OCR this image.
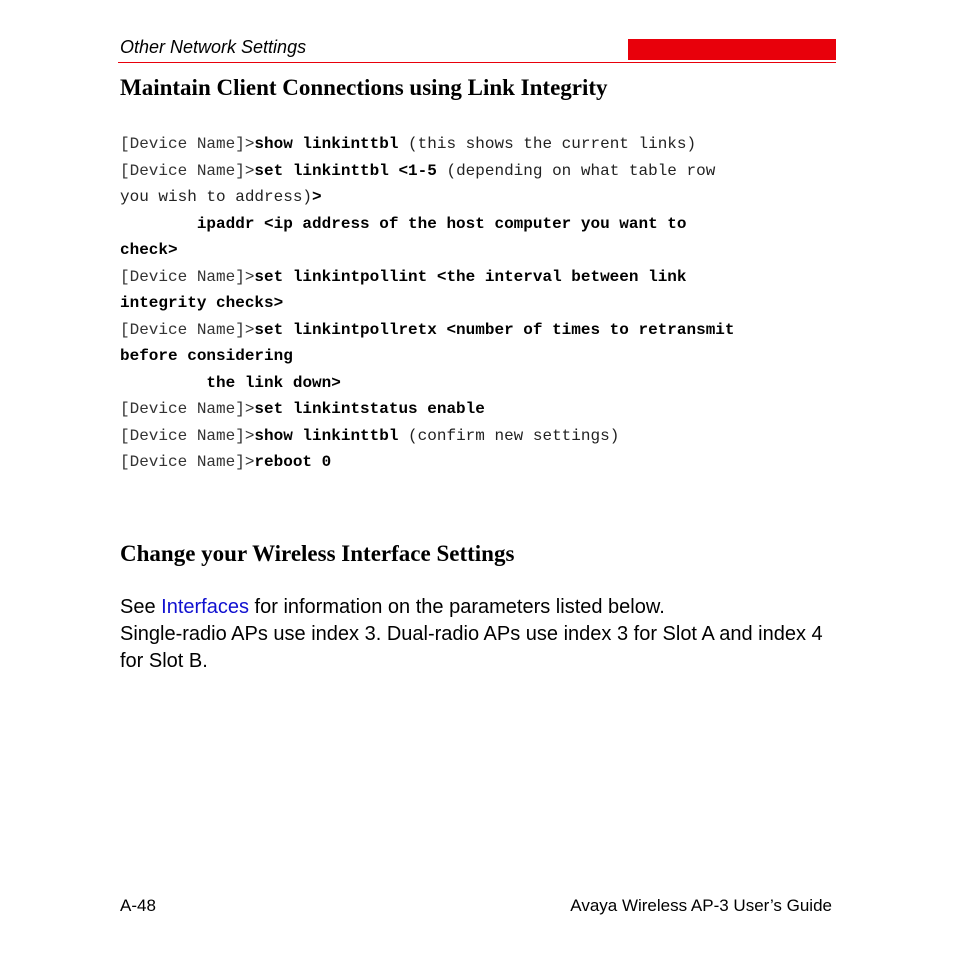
Other Network Settings
Maintain Client Connections using Link Integrity
[Device Name]>show linkinttbl (this shows the current links)
[Device Name]>set linkinttbl <1-5 (depending on what table row
you wish to address)>
ipaddr <ip address of the host computer you want to
check>
[Device Name]>set linkintpollint <the interval between link
integrity checks>
[Device Name]>set linkintpollretx <number of times to retransmit
before considering
the link down>
[Device Name]>set linkintstatus enable
[Device Name]>show linkinttbl (confirm new settings)
[Device Name]>reboot 0
Change your Wireless Interface Settings

See Interfaces for information on the parameters listed below.

Single-radio APs use index 3. Dual-radio APs use index 3 for Slot A and index 4 for Slot B.

A-48	Avaya Wireless AP-3 User’s Guide
